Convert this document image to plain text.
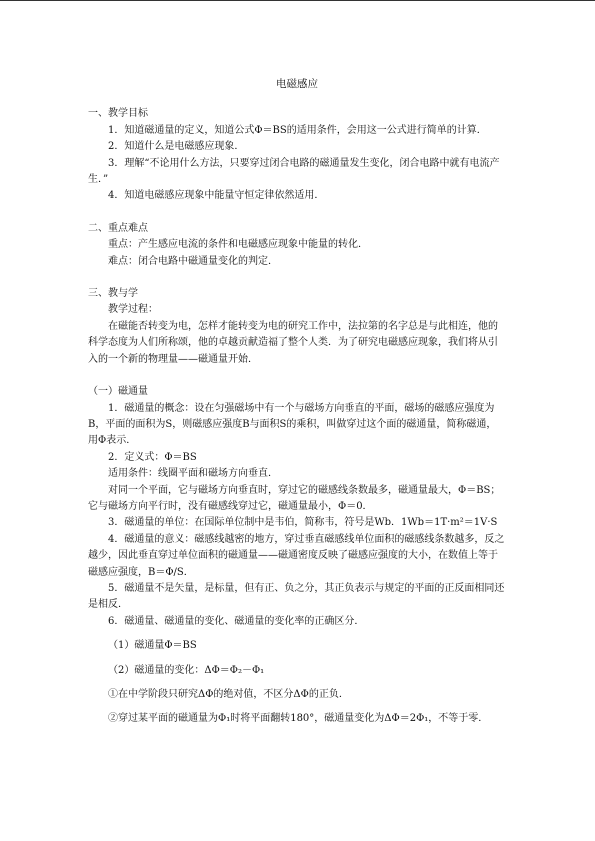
电磁感应
一、教学目标
1．知道磁通量的定义，知道公式Φ＝BS的适用条件，会用这一公式进行简单的计算．
2．知道什么是电磁感应现象．
3．理解“不论用什么方法，只要穿过闭合电路的磁通量发生变化，闭合电路中就有电流产生．”
4．知道电磁感应现象中能量守恒定律依然适用．
二、重点难点
重点：产生感应电流的条件和电磁感应现象中能量的转化．
难点：闭合电路中磁通量变化的判定．
三、教与学
教学过程：
在磁能否转变为电，怎样才能转变为电的研究工作中，法拉第的名字总是与此相连，他的科学态度为人们所称颂，他的卓越贡献造福了整个人类．为了研究电磁感应现象，我们将从引入的一个新的物理量——磁通量开始．
（一）磁通量
1．磁通量的概念：设在匀强磁场中有一个与磁场方向垂直的平面，磁场的磁感应强度为B，平面的面积为S，则磁感应强度B与面积S的乘积，叫做穿过这个面的磁通量，简称磁通，用Φ表示．
2．定义式：Φ＝BS
适用条件：线圈平面和磁场方向垂直．
对同一个平面，它与磁场方向垂直时，穿过它的磁感线条数最多，磁通量最大，Φ＝BS；它与磁场方向平行时，没有磁感线穿过它，磁通量最小，Φ＝0．
3．磁通量的单位：在国际单位制中是韦伯，简称韦，符号是Wb．1Wb＝1T·m²＝1V·S
4．磁通量的意义：磁感线越密的地方，穿过垂直磁感线单位面积的磁感线条数越多，反之越少，因此垂直穿过单位面积的磁通量——磁通密度反映了磁感应强度的大小，在数值上等于磁感应强度，B＝Φ/S．
5．磁通量不是矢量，是标量，但有正、负之分，其正负表示与规定的平面的正反面相同还是相反．
6．磁通量、磁通量的变化、磁通量的变化率的正确区分．
（1）磁通量Φ＝BS
（2）磁通量的变化：ΔΦ＝Φ₂－Φ₁
①在中学阶段只研究ΔΦ的绝对值，不区分ΔΦ的正负．
②穿过某平面的磁通量为Φ₁时将平面翻转180°，磁通量变化为ΔΦ＝2Φ₁，不等于零．
